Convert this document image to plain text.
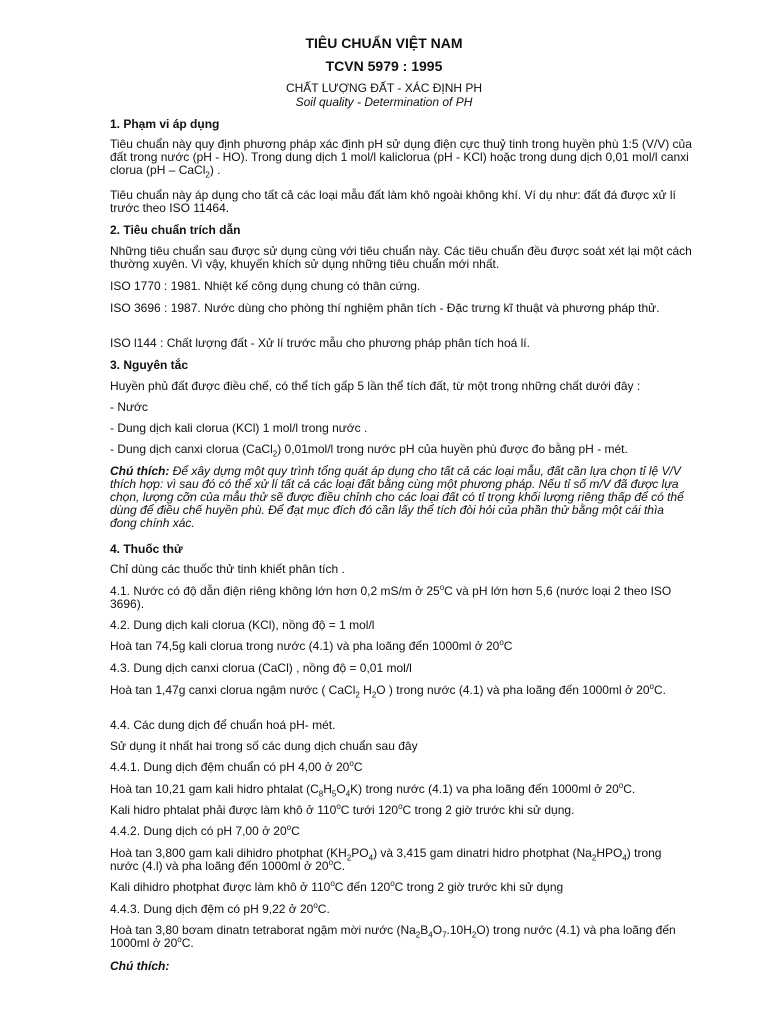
TIÊU CHUẨN VIỆT NAM
TCVN 5979 : 1995

CHẤT LƯỢNG ĐẤT - XÁC ĐỊNH PH

Soil quality - Determination of PH

1. Phạm vi áp dụng

Tiêu chuẩn này quy định phương pháp xác định pH sử dụng điện cực thuỷ tinh trong huyền phù 1:5 (V/V) của đất trong nước (pH - HO). Trong dung dịch 1 mol/l kaliclorua (pH - KCl) hoặc trong dung dịch 0,01 mol/l canxi clorua (pH – CaCl$_2$) .

Tiêu chuẩn này áp dụng cho tất cả các loại mẫu đất làm khô ngoài không khí. Ví dụ như: đất đá được xử lí trước theo ISO 11464.

2. Tiêu chuẩn trích dẫn

Những tiêu chuẩn sau được sử dụng cùng với tiêu chuẩn này. Các tiêu chuẩn đều được soát xét lại một cách thường xuyên. Vì vậy, khuyến khích sử dụng những tiêu chuẩn mới nhất.

ISO 1770 : 1981. Nhiệt kế công dụng chung có thân cứng.

ISO 3696 : 1987. Nước dùng cho phòng thí nghiệm phân tích - Đặc trưng kĩ thuật và phương pháp thử.

ISO l144 : Chất lượng đất - Xử lí trước mẫu cho phương pháp phân tích hoá lí.

3. Nguyên tắc

Huyền phủ đất được điều chế, có thể tích gấp 5 lần thể tích đất, từ một trong những chất dưới đây :

- Nước

- Dung dịch kali clorua (KCl) 1 mol/l trong nước .

- Dung dịch canxi clorua (CaCl$_2$) 0,01mol/l trong nước pH của huyền phù được đo bằng pH - mét.

Chú thích: Để xây dựng một quy trình tổng quát áp dụng cho tất cả các loại mẫu, đất cần lựa chọn tỉ lệ V/V thích hợp: vì sau đó có thể xử lí tất cả các loại đất bằng cùng một phương pháp. Nếu tỉ số m/V đã được lựa chọn, lượng cỡn của mẫu thử sẽ được điều chỉnh cho các loại đất có tỉ trọng khối lượng riêng thấp để có thể dùng để điều chế huyền phù. Để đạt mục đích đó cần lấy thể tích đòi hỏi của phần thử bằng một cái thìa đong chính xác.

4. Thuốc thử

Chỉ dùng các thuốc thử tinh khiết phân tích .

4.1. Nước có độ dẫn điện riêng không lớn hơn 0,2 mS/m ở 25$^o$C và pH lớn hơn 5,6 (nước loại 2 theo ISO 3696).

4.2. Dung dịch kali clorua (KCl), nồng độ = 1 mol/l

Hoà tan 74,5g kali clorua trong nước (4.1) và pha loãng đến 1000ml ở 20$^o$C

4.3. Dung dịch canxi clorua (CaCl) , nồng độ = 0,01 mol/l

Hoà tan 1,47g canxi clorua ngậm nước ( CaCl$_2$ $H_2O$ ) trong nước (4.1) và pha loãng đến 1000ml ở 20$^o$C.

4.4. Các dung dịch để chuẩn hoá pH- mét.

Sử dụng ít nhất hai trong số các dung dịch chuẩn sau đây

4.4.1. Dung dịch đệm chuẩn có pH 4,00 ở 20$^o$C

Hoà tan 10,21 gam kali hidro phtalat $(C_8H_5O_4K)$ trong nước (4.1) va pha loãng đến 1000ml ở 20$^o$C.

Kali hidro phtalat phải được làm khô ở 110$^o$C tưới 120$^o$C trong 2 giờ trước khi sử dụng.

4.4.2. Dung dịch có pH 7,00 ở 20$^o$C

Hoà tan 3,800 gam kali dihidro photphat $(KH_2PO_4)$ và 3,415 gam dinatri hidro photphat $(Na_2HPO_4)$ trong nước (4.l) và pha loãng đến 1000ml ở 20$^o$C.

Kali dihidro photphat được làm khô ở 110$^o$C đến 120$^o$C trong 2 giờ trước khi sử dụng

4.4.3. Dung dịch đệm có pH 9,22 ở 20$^o$C.

Hoà tan 3,80 bơam dinatn tetraborat ngậm mời nước $(Na_2B_4O_7.10H_2O)$ trong nước (4.1) và pha loãng đến 1000ml ở 20$^o$C.

Chú thích:
